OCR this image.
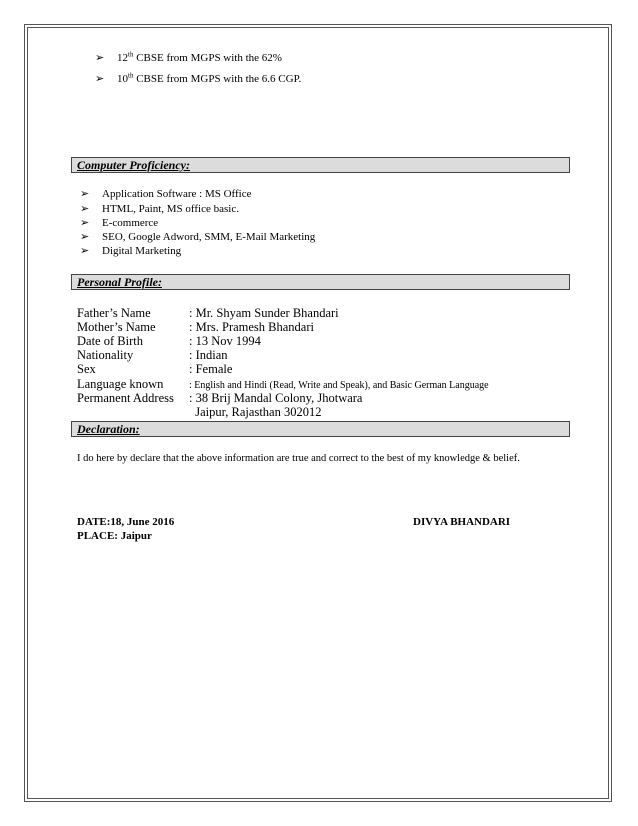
➢ 12th CBSE from MGPS with the 62%
➢ 10th CBSE from MGPS with the 6.6 CGP.
Computer Proficiency:
➢ Application Software : MS Office
➢ HTML, Paint, MS office basic.
➢ E-commerce
➢ SEO, Google Adword, SMM, E-Mail Marketing
➢ Digital Marketing
Personal Profile:
Father’s Name	: Mr. Shyam Sunder Bhandari
Mother’s Name	: Mrs. Pramesh Bhandari
Date of Birth	: 13 Nov 1994
Nationality	: Indian
Sex	: Female
Language known	: English and Hindi (Read, Write and Speak), and Basic German Language
Permanent Address : 38 Brij Mandal Colony, Jhotwara
Jaipur, Rajasthan 302012
Declaration:
I do here by declare that the above information are true and correct to the best of my knowledge & belief.
DATE:18, June 2016
PLACE: Jaipur
DIVYA BHANDARI
